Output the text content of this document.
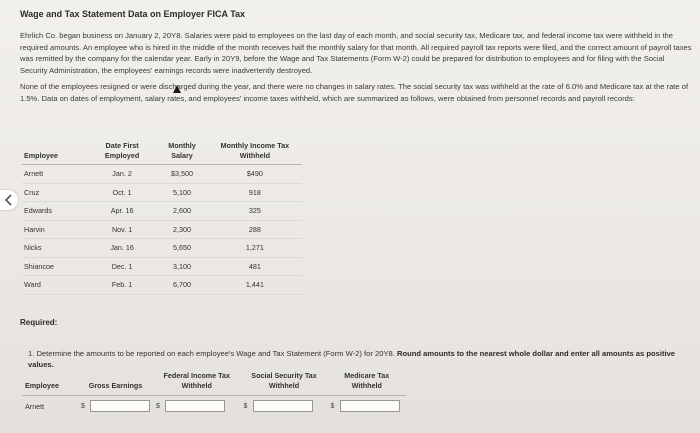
Wage and Tax Statement Data on Employer FICA Tax

Ehrlich Co. began business on January 2, 20Y8. Salaries were paid to employees on the last day of each month, and social security tax, Medicare tax, and federal income tax were withheld in the required amounts. An employee who is hired in the middle of the month receives half the monthly salary for that month. All required payroll tax reports were filed, and the correct amount of payroll taxes was remitted by the company for the calendar year. Early in 20Y9, before the Wage and Tax Statements (Form W-2) could be prepared for distribution to employees and for filing with the Social Security Administration, the employees' earnings records were inadvertently destroyed.

None of the employees resigned or were discharged during the year, and there were no changes in salary rates. The social security tax was withheld at the rate of 6.0% and Medicare tax at the rate of 1.5%. Data on dates of employment, salary rates, and employees' income taxes withheld, which are summarized as follows, were obtained from personnel records and payroll records:

Employee	Date First Employed	Monthly Salary	Monthly Income Tax Withheld
Arnett	Jan. 2	$3,500	$490
Cruz	Oct. 1	5,100	918
Edwards	Apr. 16	2,600	325
Harvin	Nov. 1	2,300	288
Nicks	Jan. 16	5,650	1,271
Shiancoe	Dec. 1	3,100	481
Ward	Feb. 1	6,700	1,441
Required:
1. Determine the amounts to be reported on each employee's Wage and Tax Statement (Form W-2) for 20Y8. Round amounts to the nearest whole dollar and enter all amounts as positive values.
Employee	Gross Earnings	Federal Income Tax Withheld	Social Security Tax Withheld	Medicare Tax Withheld
Arnett	$	$	$	$
